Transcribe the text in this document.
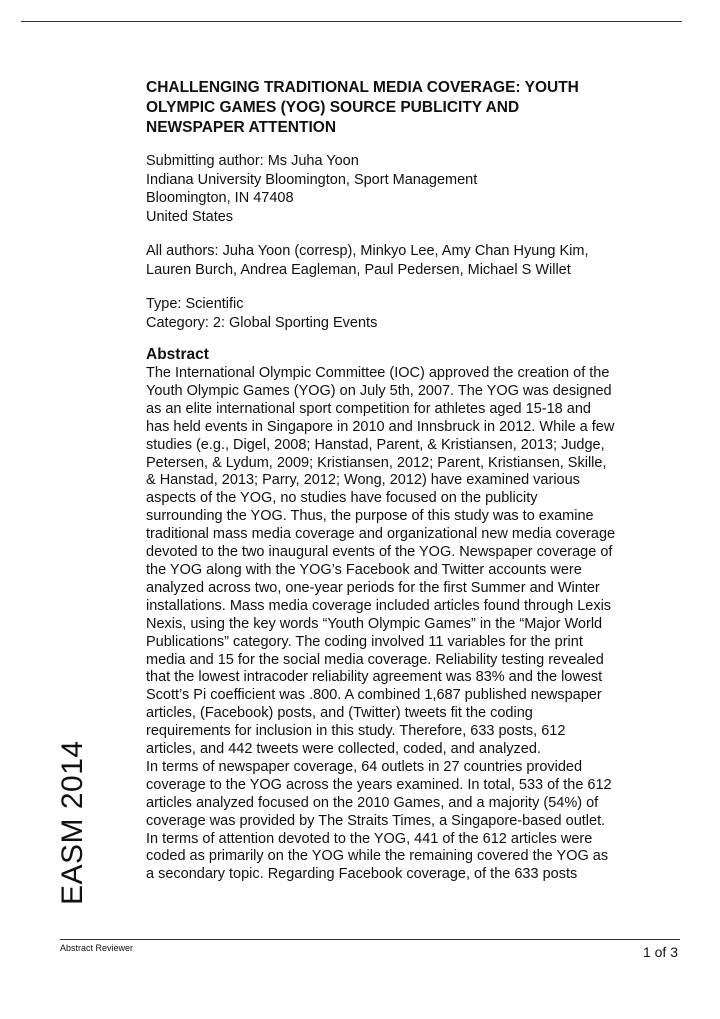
CHALLENGING TRADITIONAL MEDIA COVERAGE: YOUTH
OLYMPIC GAMES (YOG) SOURCE PUBLICITY AND
NEWSPAPER ATTENTION
Submitting author: Ms Juha Yoon
Indiana University Bloomington, Sport Management
Bloomington, IN 47408
United States
All authors: Juha Yoon (corresp), Minkyo Lee, Amy Chan Hyung Kim,
Lauren Burch, Andrea Eagleman, Paul Pedersen, Michael S Willet
Type: Scientific
Category: 2: Global Sporting Events
Abstract
The International Olympic Committee (IOC) approved the creation of the
Youth Olympic Games (YOG) on July 5th, 2007. The YOG was designed
as an elite international sport competition for athletes aged 15-18 and
has held events in Singapore in 2010 and Innsbruck in 2012. While a few
studies (e.g., Digel, 2008; Hanstad, Parent, & Kristiansen, 2013; Judge,
Petersen, & Lydum, 2009; Kristiansen, 2012; Parent, Kristiansen, Skille,
& Hanstad, 2013; Parry, 2012; Wong, 2012) have examined various
aspects of the YOG, no studies have focused on the publicity
surrounding the YOG. Thus, the purpose of this study was to examine
traditional mass media coverage and organizational new media coverage
devoted to the two inaugural events of the YOG. Newspaper coverage of
the YOG along with the YOG’s Facebook and Twitter accounts were
analyzed across two, one-year periods for the first Summer and Winter
installations. Mass media coverage included articles found through Lexis
Nexis, using the key words “Youth Olympic Games” in the “Major World
Publications” category. The coding involved 11 variables for the print
media and 15 for the social media coverage. Reliability testing revealed
that the lowest intracoder reliability agreement was 83% and the lowest
Scott’s Pi coefficient was .800. A combined 1,687 published newspaper
articles, (Facebook) posts, and (Twitter) tweets fit the coding
requirements for inclusion in this study. Therefore, 633 posts, 612
articles, and 442 tweets were collected, coded, and analyzed.
In terms of newspaper coverage, 64 outlets in 27 countries provided
coverage to the YOG across the years examined. In total, 533 of the 612
articles analyzed focused on the 2010 Games, and a majority (54%) of
coverage was provided by The Straits Times, a Singapore-based outlet.
In terms of attention devoted to the YOG, 441 of the 612 articles were
coded as primarily on the YOG while the remaining covered the YOG as
a secondary topic. Regarding Facebook coverage, of the 633 posts
EASM 2014
Abstract Reviewer	1 of 3
